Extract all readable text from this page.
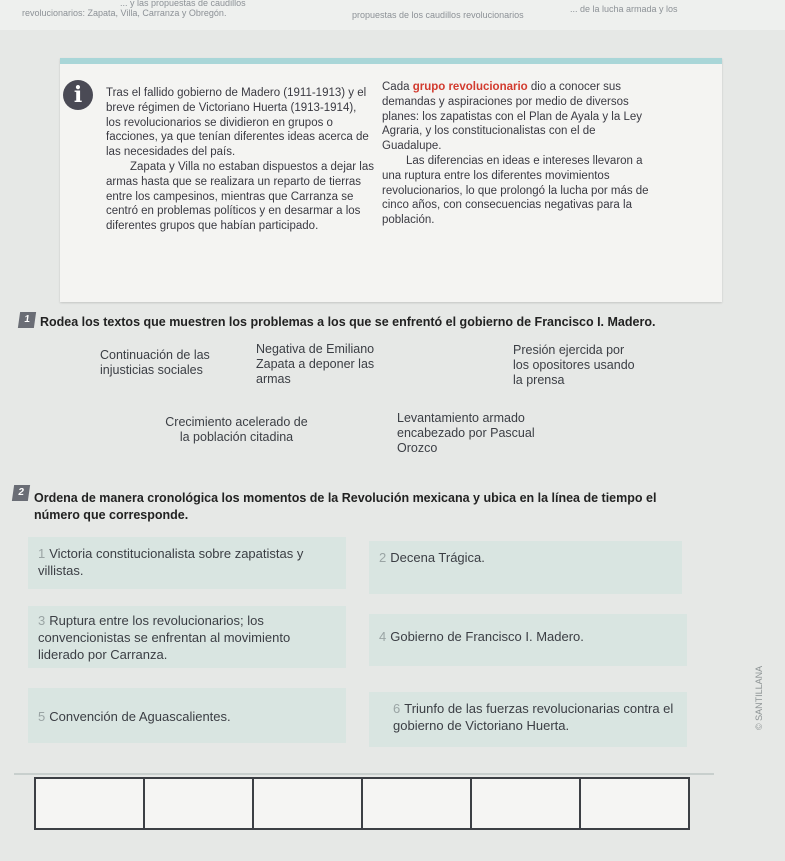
... y las propuestas de caudillos
revolucionarios: Zapata, Villa, Carranza y Obregón.	propuestas de los caudillos revolucionarios
... de la lucha armada y los
i	Tras el fallido gobierno de Madero (1911-1913) y el breve régimen de Victoriano Huerta (1913-1914), los revolucionarios se dividieron en grupos o facciones, ya que tenían diferentes ideas acerca de las necesidades del país.

Zapata y Villa no estaban dispuestos a dejar las armas hasta que se realizara un reparto de tierras entre los campesinos, mientras que Carranza se centró en problemas políticos y en desarmar a los diferentes grupos que habían participado.

Cada grupo revolucionario dio a conocer sus demandas y aspiraciones por medio de diversos planes: los zapatistas con el Plan de Ayala y la Ley Agraria, y los constitucionalistas con el de Guadalupe.

Las diferencias en ideas e intereses llevaron a una ruptura entre los diferentes movimientos revolucionarios, lo que prolongó la lucha por más de cinco años, con consecuencias negativas para la población.

1 Rodea los textos que muestren los problemas a los que se enfrentó el gobierno de Francisco I. Madero.
Continuación de las injusticias sociales
Negativa de Emiliano Zapata a deponer las armas
Presión ejercida por los opositores usando la prensa
Crecimiento acelerado de la población citadina
Levantamiento armado encabezado por Pascual Orozco
2 Ordena de manera cronológica los momentos de la Revolución mexicana y ubica en la línea de tiempo el número que corresponde.
1 Victoria constitucionalista sobre zapatistas y villistas.
2 Decena Trágica.
3 Ruptura entre los revolucionarios; los convencionistas se enfrentan al movimiento liderado por Carranza.
4 Gobierno de Francisco I. Madero.
5 Convención de Aguascalientes.
6 Triunfo de las fuerzas revolucionarias contra el gobierno de Victoriano Huerta.	© SANTILLANA
